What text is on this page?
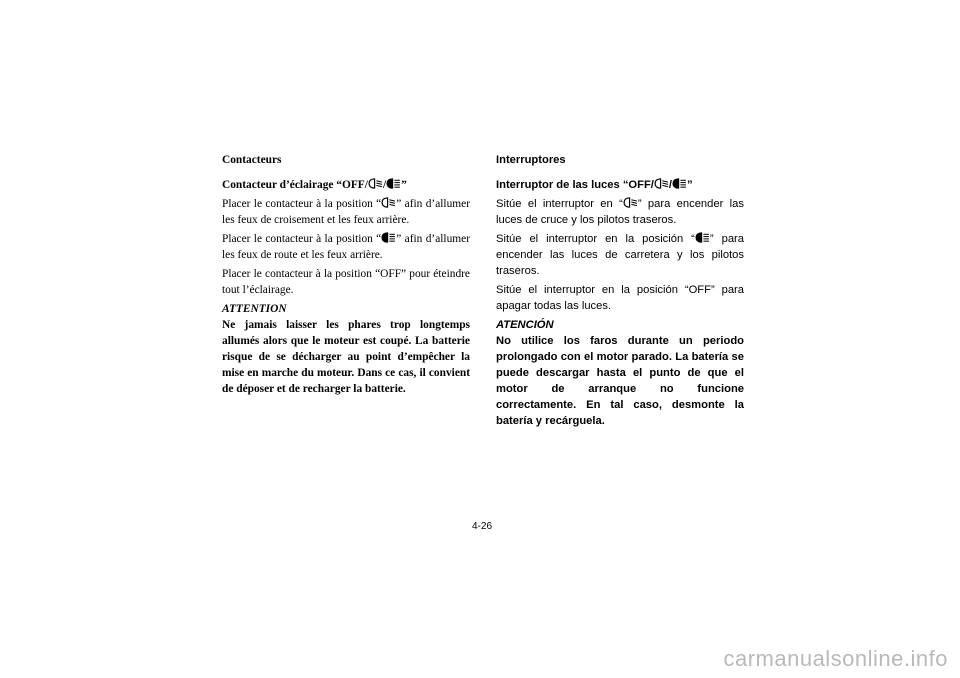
Contacteurs
Contacteur d’éclairage “OFF/ / ”

Placer le contacteur à la position “ ” afin d’allumer les feux de croisement et les feux arrière.

Placer le contacteur à la position “ ” afin d’allumer les feux de route et les feux arrière.

Placer le contacteur à la position “OFF” pour éteindre tout l’éclairage.

ATTENTION

Ne jamais laisser les phares trop longtemps allumés alors que le moteur est coupé. La batterie risque de se décharger au point d’empêcher la mise en marche du moteur. Dans ce cas, il convient de déposer et de recharger la batterie.

Interruptores
Interruptor de las luces “OFF/ / ”

Sitúe el interruptor en “ ” para encender las luces de cruce y los pilotos traseros.

Sitúe el interruptor en la posición “ ” para encender las luces de carretera y los pilotos traseros.

Sitúe el interruptor en la posición “OFF” para apagar todas las luces.

ATENCIÓN

No utilice los faros durante un periodo prolongado con el motor parado. La batería se puede descargar hasta el punto de que el motor de arranque no funcione correctamente. En tal caso, desmonte la batería y recárguela.

4-26
carmanualsonline.info
